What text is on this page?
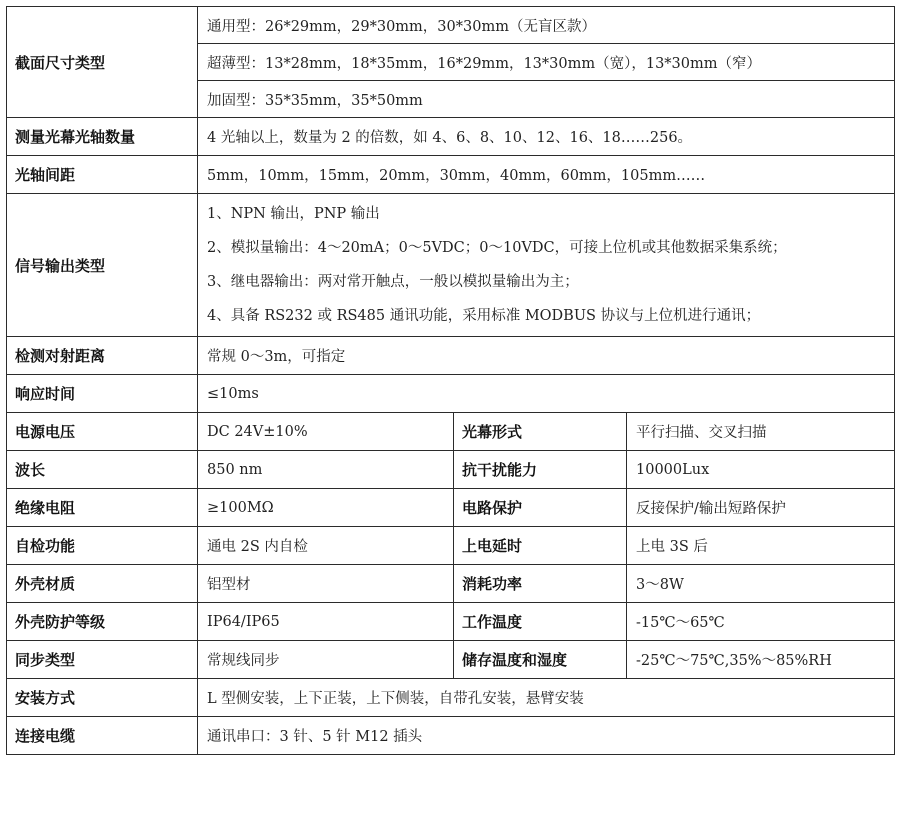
截面尺寸类型	通用型：26*29mm，29*30mm，30*30mm（无盲区款）		
	超薄型：13*28mm，18*35mm，16*29mm，13*30mm（宽），13*30mm（窄）		
	加固型：35*35mm，35*50mm		
测量光幕光轴数量	4 光轴以上，数量为 2 的倍数，如 4、6、8、10、12、16、18……256。		
光轴间距	5mm，10mm，15mm，20mm，30mm，40mm，60mm，105mm……		
信号输出类型	1、NPN 输出，PNP 输出
2、模拟量输出：4～20mA；0～5VDC；0～10VDC，可接上位机或其他数据采集系统；
3、继电器输出：两对常开触点，一般以模拟量输出为主；
4、具备 RS232 或 RS485 通讯功能，采用标准 MODBUS 协议与上位机进行通讯；		

检测对射距离	常规 0～3m，可指定		
响应时间	≤10ms		
电源电压	DC 24V±10%	光幕形式	平行扫描、交叉扫描
波长	850 nm	抗干扰能力	10000Lux
绝缘电阻	≥100MΩ	电路保护	反接保护/输出短路保护
自检功能	通电 2S 内自检	上电延时	上电 3S 后
外壳材质	铝型材	消耗功率	3～8W
外壳防护等级	IP64/IP65	工作温度	-15℃～65℃
同步类型	常规线同步	储存温度和湿度	-25℃～75℃,35%～85%RH
安装方式	L 型侧安装，上下正装，上下侧装，自带孔安装，悬臂安装		
连接电缆	通讯串口：3 针、5 针 M12 插头		
